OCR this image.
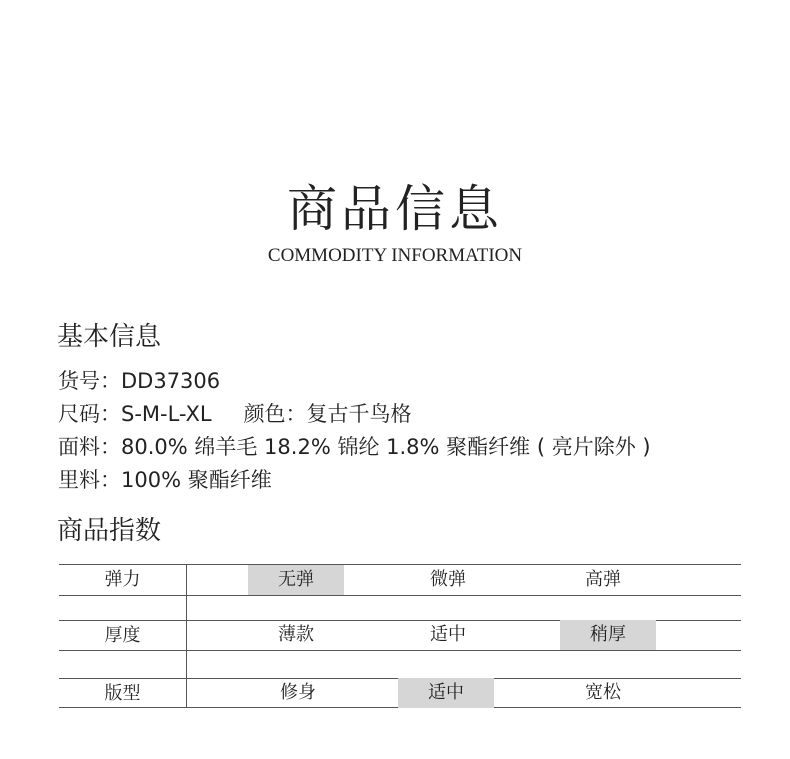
商品信息
COMMODITY INFORMATION
基本信息
货号：DD37306
尺码：S-M-L-XL 颜色：复古千鸟格
面料：80.0% 绵羊毛 18.2% 锦纶 1.8% 聚酯纤维 ( 亮片除外 )
里料：100% 聚酯纤维
商品指数
弹力	无弹	微弹	高弹
厚度	薄款	适中	稍厚
版型	修身	适中	宽松
